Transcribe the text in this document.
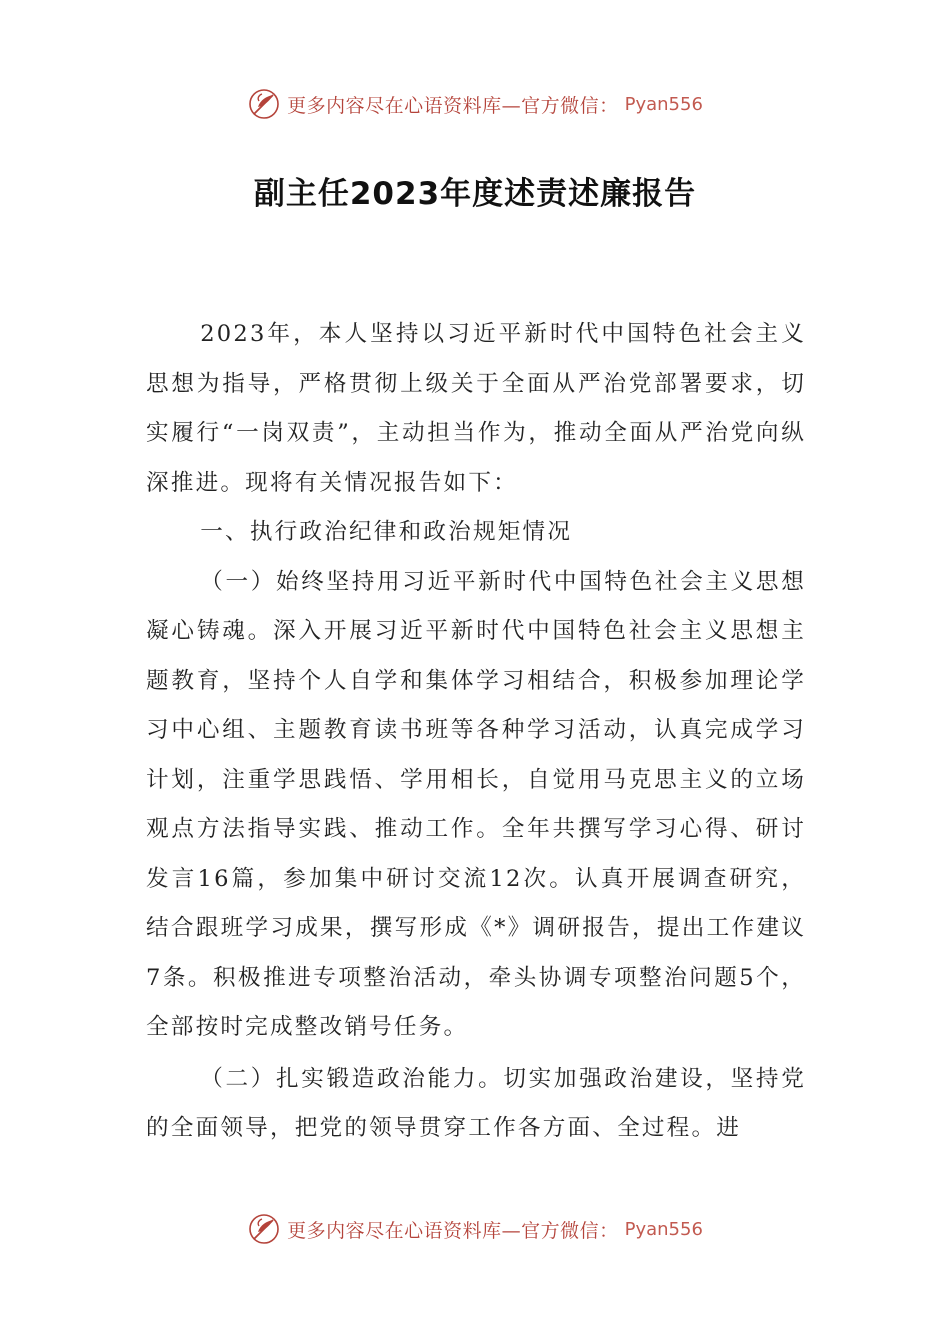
更多内容尽在心语资料库—官方微信： Pyan556
副主任2023年度述责述廉报告

2023年，本人坚持以习近平新时代中国特色社会主义思想为指导，严格贯彻上级关于全面从严治党部署要求，切实履行“一岗双责”，主动担当作为，推动全面从严治党向纵深推进。现将有关情况报告如下：

一、执行政治纪律和政治规矩情况

（一）始终坚持用习近平新时代中国特色社会主义思想凝心铸魂。深入开展习近平新时代中国特色社会主义思想主题教育，坚持个人自学和集体学习相结合，积极参加理论学习中心组、主题教育读书班等各种学习活动，认真完成学习计划，注重学思践悟、学用相长，自觉用马克思主义的立场观点方法指导实践、推动工作。全年共撰写学习心得、研讨发言16篇，参加集中研讨交流12次。认真开展调查研究，结合跟班学习成果，撰写形成《*》调研报告，提出工作建议7条。积极推进专项整治活动，牵头协调专项整治问题5个，全部按时完成整改销号任务。

（二）扎实锻造政治能力。切实加强政治建设，坚持党的全面领导，把党的领导贯穿工作各方面、全过程。进

更多内容尽在心语资料库—官方微信： Pyan556
